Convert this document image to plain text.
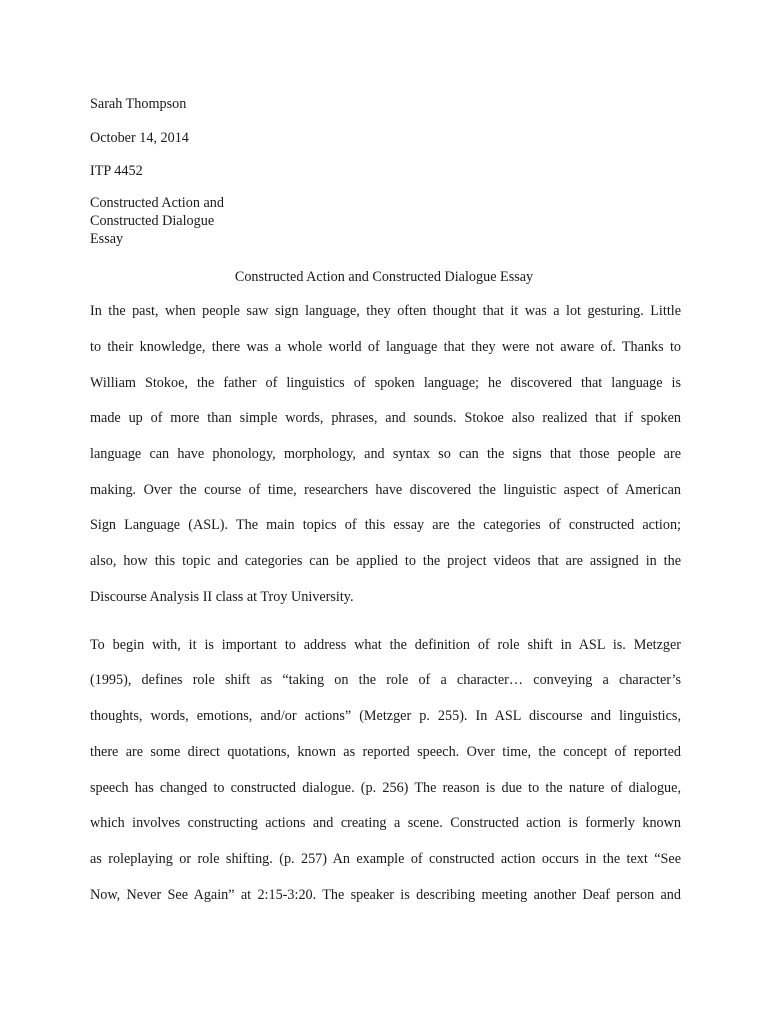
Sarah Thompson
October 14, 2014
ITP 4452
Constructed Action and
Constructed Dialogue
Essay
Constructed Action and Constructed Dialogue Essay
In the past, when people saw sign language, they often thought that it was a lot gesturing. Little
to their knowledge, there was a whole world of language that they were not aware of. Thanks to
William Stokoe, the father of linguistics of spoken language; he discovered that language is
made up of more than simple words, phrases, and sounds. Stokoe also realized that if spoken
language can have phonology, morphology, and syntax so can the signs that those people are
making. Over the course of time, researchers have discovered the linguistic aspect of American
Sign Language (ASL). The main topics of this essay are the categories of constructed action;
also, how this topic and categories can be applied to the project videos that are assigned in the
Discourse Analysis II class at Troy University.
To begin with, it is important to address what the definition of role shift in ASL is. Metzger
(1995), defines role shift as “taking on the role of a character… conveying a character’s
thoughts, words, emotions, and/or actions” (Metzger p. 255). In ASL discourse and linguistics,
there are some direct quotations, known as reported speech. Over time, the concept of reported
speech has changed to constructed dialogue. (p. 256) The reason is due to the nature of dialogue,
which involves constructing actions and creating a scene. Constructed action is formerly known
as roleplaying or role shifting. (p. 257) An example of constructed action occurs in the text “See
Now, Never See Again” at 2:15-3:20. The speaker is describing meeting another Deaf person and
